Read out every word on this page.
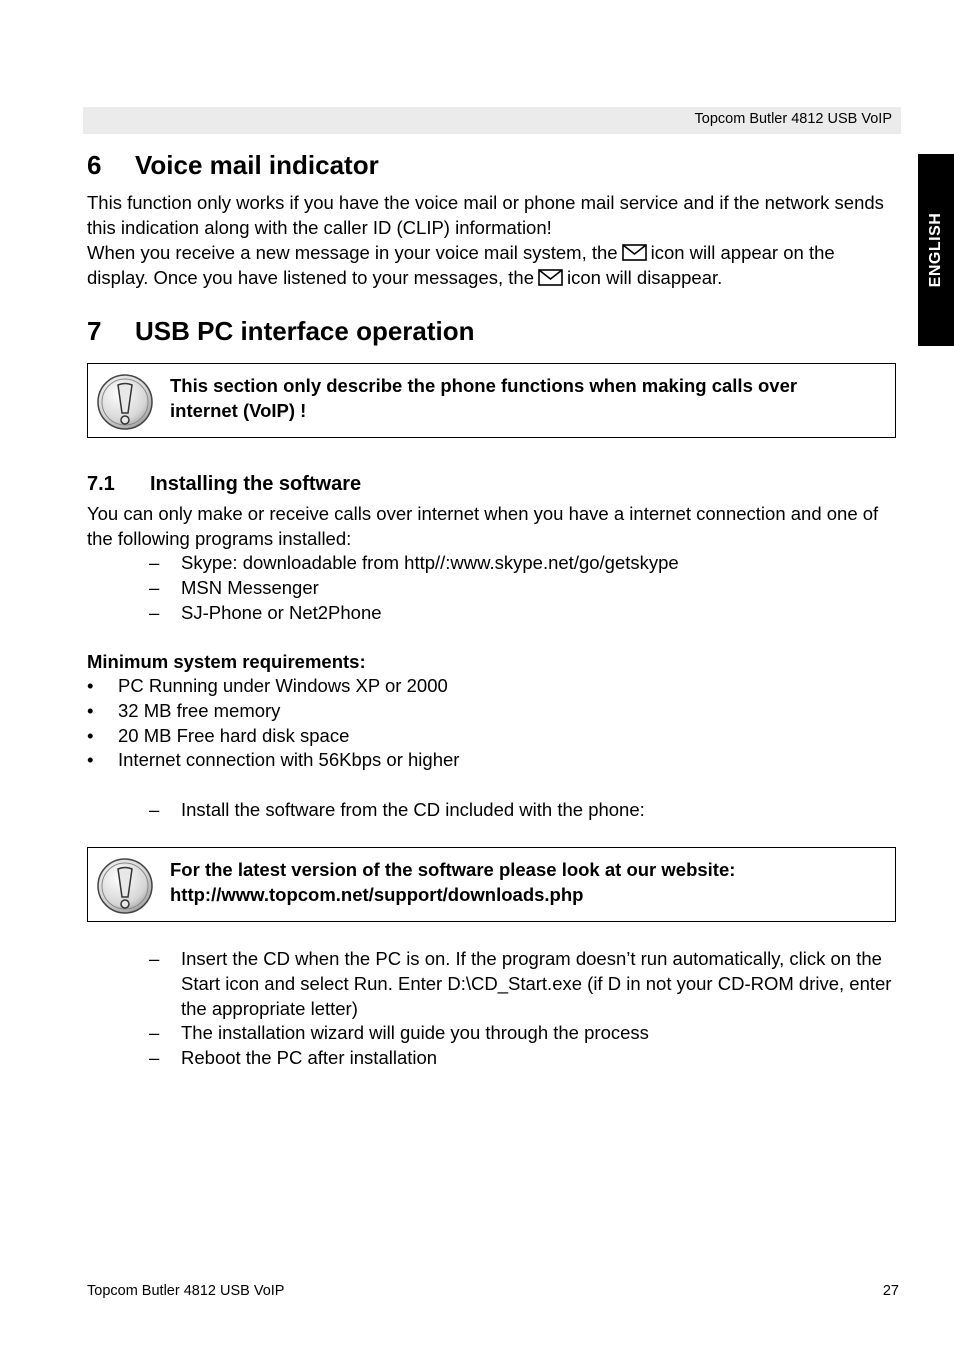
Topcom Butler 4812 USB VoIP
ENGLISH
6 Voice mail indicator

This function only works if you have the voice mail or phone mail service and if the network sends this indication along with the caller ID (CLIP) information!

When you receive a new message in your voice mail system, the icon will appear on the display. Once you have listened to your messages, the icon will disappear.

7 USB PC interface operation
This section only describe the phone functions when making calls over internet (VoIP) !
7.1 Installing the software

You can only make or receive calls over internet when you have a internet connection and one of the following programs installed:

– Skype: downloadable from http//:www.skype.net/go/getskype
– MSN Messenger
– SJ-Phone or Net2Phone
Minimum system requirements:
• PC Running under Windows XP or 2000
• 32 MB free memory
• 20 MB Free hard disk space
• Internet connection with 56Kbps or higher
– Install the software from the CD included with the phone:
For the latest version of the software please look at our website:
http://www.topcom.net/support/downloads.php
– Insert the CD when the PC is on. If the program doesn’t run automatically, click on the Start icon and select Run. Enter D:\CD_Start.exe (if D in not your CD-ROM drive, enter the appropriate letter)
– The installation wizard will guide you through the process
– Reboot the PC after installation
Topcom Butler 4812 USB VoIP	27
